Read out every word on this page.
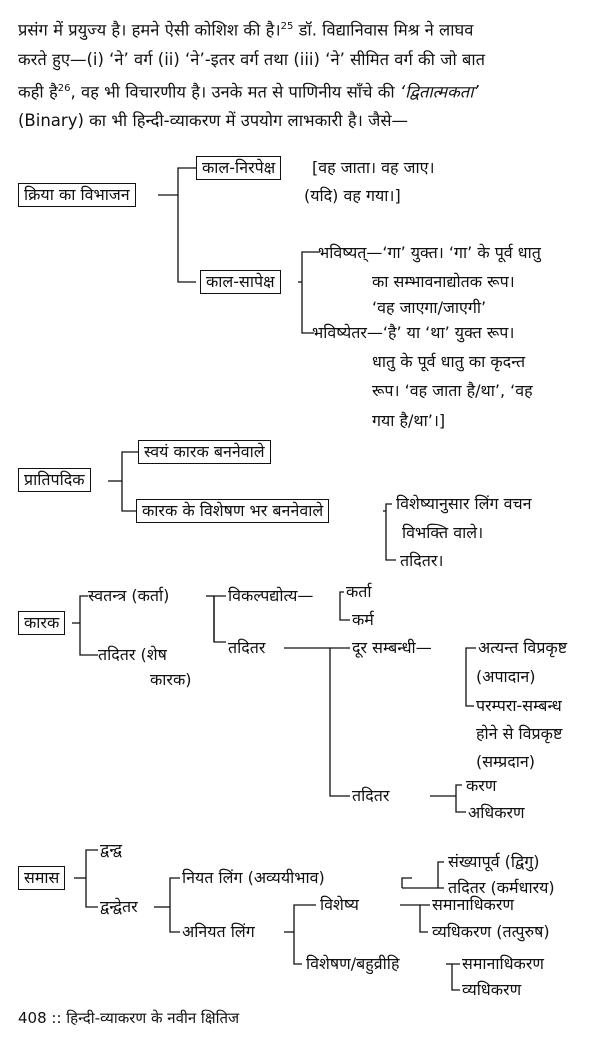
प्रसंग में प्रयुज्य है। हमने ऐसी कोशिश की है।$^{25}$ डॉ. विद्यानिवास मिश्र ने लाघव
करते हुए—(i) ‘ने’ वर्ग (ii) ‘ने’-इतर वर्ग तथा (iii) ‘ने’ सीमित वर्ग की जो बात
कही है$^{26}$, वह भी विचारणीय है। उनके मत से पाणिनीय साँचे की ‘द्वितात्मकता’
(Binary) का भी हिन्दी-व्याकरण में उपयोग लाभकारी है। जैसे—
क्रिया का विभाजन
काल-निरपेक्ष	[वह जाता। वह जाए।
(यदि) वह गया।]
काल-सापेक्ष
भविष्यत्—‘गा’ युक्त। ‘गा’ के पूर्व धातु
का सम्भावनाद्योतक रूप।
‘वह जाएगा/जाएगी’
भविष्येतर—‘है’ या ‘था’ युक्त रूप।
धातु के पूर्व धातु का कृदन्त
रूप। ‘वह जाता है/था’, ‘वह
गया है/था’।]
प्रातिपदिक
स्वयं कारक बननेवाले
कारक के विशेषण भर बननेवाले	विशेष्यानुसार लिंग वचन
विभक्ति वाले।
तदितर।
कारक
स्वतन्त्र (कर्ता)
तदितर (शेष
कारक)
विकल्पद्योत्य— कर्ता
कर्म
तदितर	दूर सम्बन्धी—	अत्यन्त विप्रकृष्ट
(अपादान)
परम्परा-सम्बन्ध
होने से विप्रकृष्ट
(सम्प्रदान)
तदितर
करण
अधिकरण
समास
द्वन्द्व
द्वन्द्वेतर
नियत लिंग (अव्ययीभाव)
संख्यापूर्व (द्विगु)
तदितर (कर्मधारय)
अनियत लिंग
विशेष्य	समानाधिकरण
व्यधिकरण (तत्पुरुष)
विशेषण/बहुव्रीहि	समानाधिकरण
व्यधिकरण
408 :: हिन्दी-व्याकरण के नवीन क्षितिज
